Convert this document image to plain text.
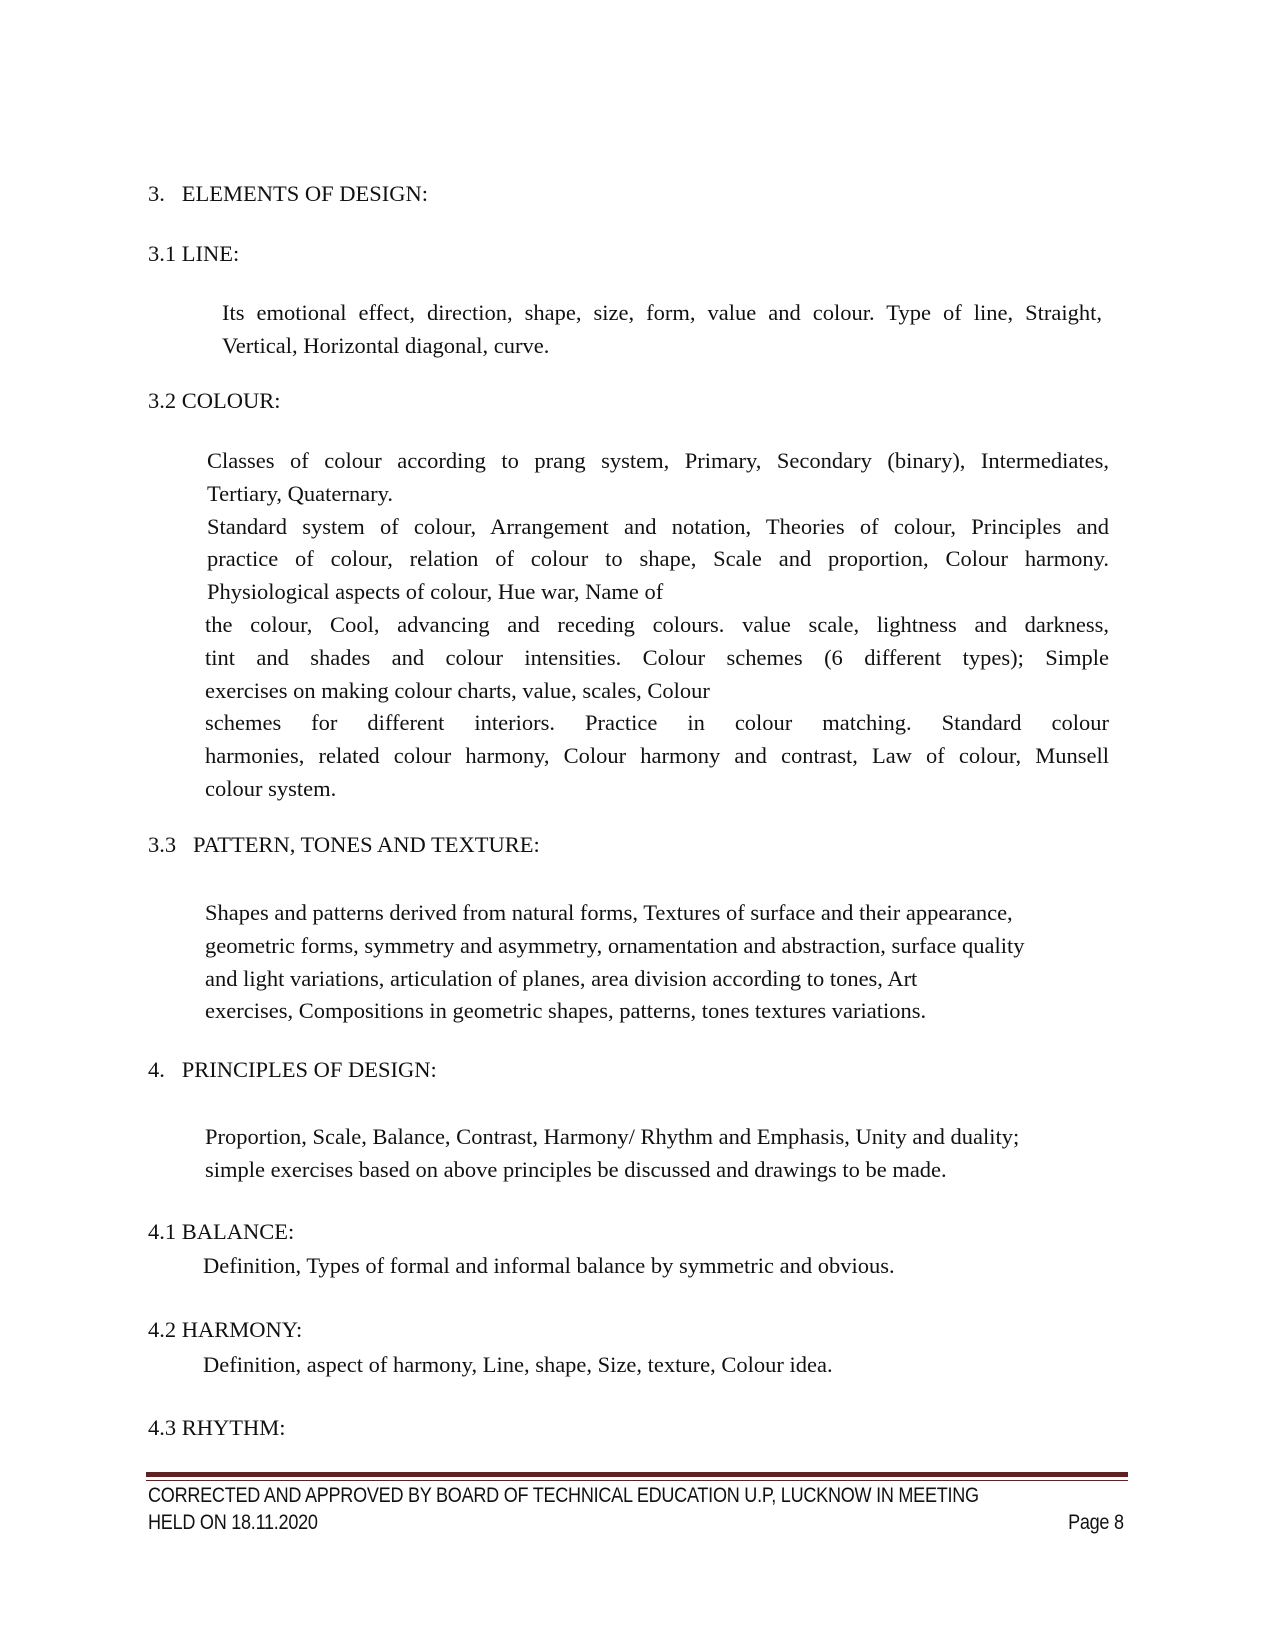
3.   ELEMENTS OF DESIGN:
3.1 LINE:
Its emotional effect, direction, shape, size, form, value and colour. Type of line, Straight,
Vertical, Horizontal diagonal, curve.
3.2 COLOUR:
Classes of colour according to prang system, Primary, Secondary (binary), Intermediates,
Tertiary, Quaternary.
Standard system of colour, Arrangement and notation, Theories of colour, Principles and
practice of colour, relation of colour to shape, Scale and proportion, Colour harmony.
Physiological aspects of colour, Hue war, Name of
the colour, Cool, advancing and receding colours. value scale, lightness and darkness,
tint and shades and colour intensities. Colour schemes (6 different types); Simple
exercises on making colour charts, value, scales, Colour
schemes for different interiors. Practice in colour matching. Standard colour
harmonies, related colour harmony, Colour harmony and contrast, Law of colour, Munsell
colour system.
3.3   PATTERN, TONES AND TEXTURE:
Shapes and patterns derived from natural forms, Textures of surface and their appearance,
geometric forms, symmetry and asymmetry, ornamentation and abstraction, surface quality
and light variations, articulation of planes, area division according to tones, Art
exercises, Compositions in geometric shapes, patterns, tones textures variations.
4.   PRINCIPLES OF DESIGN:
Proportion, Scale, Balance, Contrast, Harmony/ Rhythm and Emphasis, Unity and duality;
simple exercises based on above principles be discussed and drawings to be made.
4.1 BALANCE:
Definition, Types of formal and informal balance by symmetric and obvious.
4.2 HARMONY:
Definition, aspect of harmony, Line, shape, Size, texture, Colour idea.
4.3 RHYTHM:
CORRECTED AND APPROVED BY BOARD OF TECHNICAL EDUCATION U.P, LUCKNOW IN MEETING
HELD ON 18.11.2020	Page 8
